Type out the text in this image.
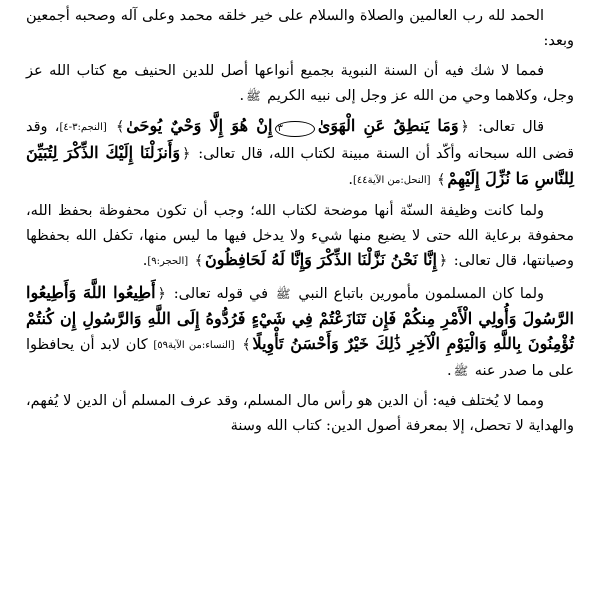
الحمد لله رب العالمين والصلاة والسلام على خير خلقه محمد وعلى آله وصحبه أجمعين وبعد:

فمما لا شك فيه أن السنة النبوية بجميع أنواعها أصل للدين الحنيف مع كتاب الله عز وجل، وكلاهما وحي من الله عز وجل إلى نبيه الكريم ﷺ.

قال تعالى: ﴿وَمَا يَنطِقُ عَنِ الْهَوَىٰ٣إِنْ هُوَ إِلَّا وَحْيٌ يُوحَىٰ﴾ [النجم:٣-٤]، وقد قضى الله سبحانه وأكّد أن السنة مبينة لكتاب الله، قال تعالى: ﴿وَأَنزَلْنَا إِلَيْكَ الذِّكْرَ لِتُبَيِّنَ لِلنَّاسِ مَا نُزِّلَ إِلَيْهِمْ﴾ [النحل:من الآية٤٤].

ولما كانت وظيفة السنّة أنها موضحة لكتاب الله؛ وجب أن تكون محفوظة بحفظ الله، محفوفة برعاية الله حتى لا يضيع منها شيء ولا يدخل فيها ما ليس منها، تكفل الله بحفظها وصيانتها، قال تعالى: ﴿إِنَّا نَحْنُ نَزَّلْنَا الذِّكْرَ وَإِنَّا لَهُ لَحَافِظُونَ﴾ [الحجر:٩].

ولما كان المسلمون مأمورين باتباع النبي ﷺ في قوله تعالى: ﴿أَطِيعُوا اللَّهَ وَأَطِيعُوا الرَّسُولَ وَأُولِي الْأَمْرِ مِنكُمْ فَإِن تَنَازَعْتُمْ فِي شَيْءٍ فَرُدُّوهُ إِلَى اللَّهِ وَالرَّسُولِ إِن كُنتُمْ تُؤْمِنُونَ بِاللَّهِ وَالْيَوْمِ الْآخِرِ ذَٰلِكَ خَيْرٌ وَأَحْسَنُ تَأْوِيلًا﴾ [النساء:من الآية٥٩] كان لابد أن يحافظوا على ما صدر عنه ﷺ.

ومما لا يُختلف فيه: أن الدين هو رأس مال المسلم، وقد عرف المسلم أن الدين لا يُفهم، والهداية لا تحصل، إلا بمعرفة أصول الدين: كتاب الله وسنة
